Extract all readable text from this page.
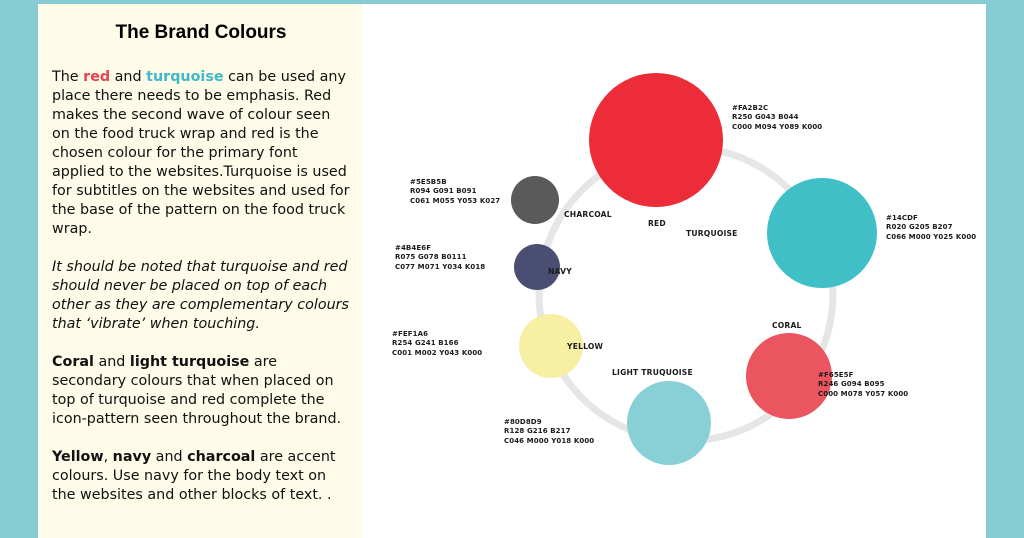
The Brand Colours

The red and turquoise can be used any place there needs to be emphasis. Red makes the second wave of colour seen on the food truck wrap and red is the chosen colour for the primary font applied to the websites.Turquoise is used for subtitles on the websites and used for the base of the pattern on the food truck wrap.

It should be noted that turquoise and red should never be placed on top of each other as they are complementary colours that ‘vibrate’ when touching.

Coral and light turquoise are secondary colours that when placed on top of turquoise and red complete the icon-pattern seen throughout the brand.

Yellow, navy and charcoal are accent colours. Use navy for the body text on the websites and other blocks of text. .

RED
#FA2B2C
R250 G043 B044
C000 M094 Y089 K000
TURQUOISE
#14CDF
R020 G205 B207
C066 M000 Y025 K000
CORAL
#F65E5F
R246 G094 B095
C000 M078 Y057 K000
LIGHT TRUQUOISE
#80D8D9
R128 G216 B217
C046 M000 Y018 K000
YELLOW
#FEF1A6
R254 G241 B166
C001 M002 Y043 K000
NAVY
#4B4E6F
R075 G078 B0111
C077 M071 Y034 K018
CHARCOAL
#5E5B5B
R094 G091 B091
C061 M055 Y053 K027
